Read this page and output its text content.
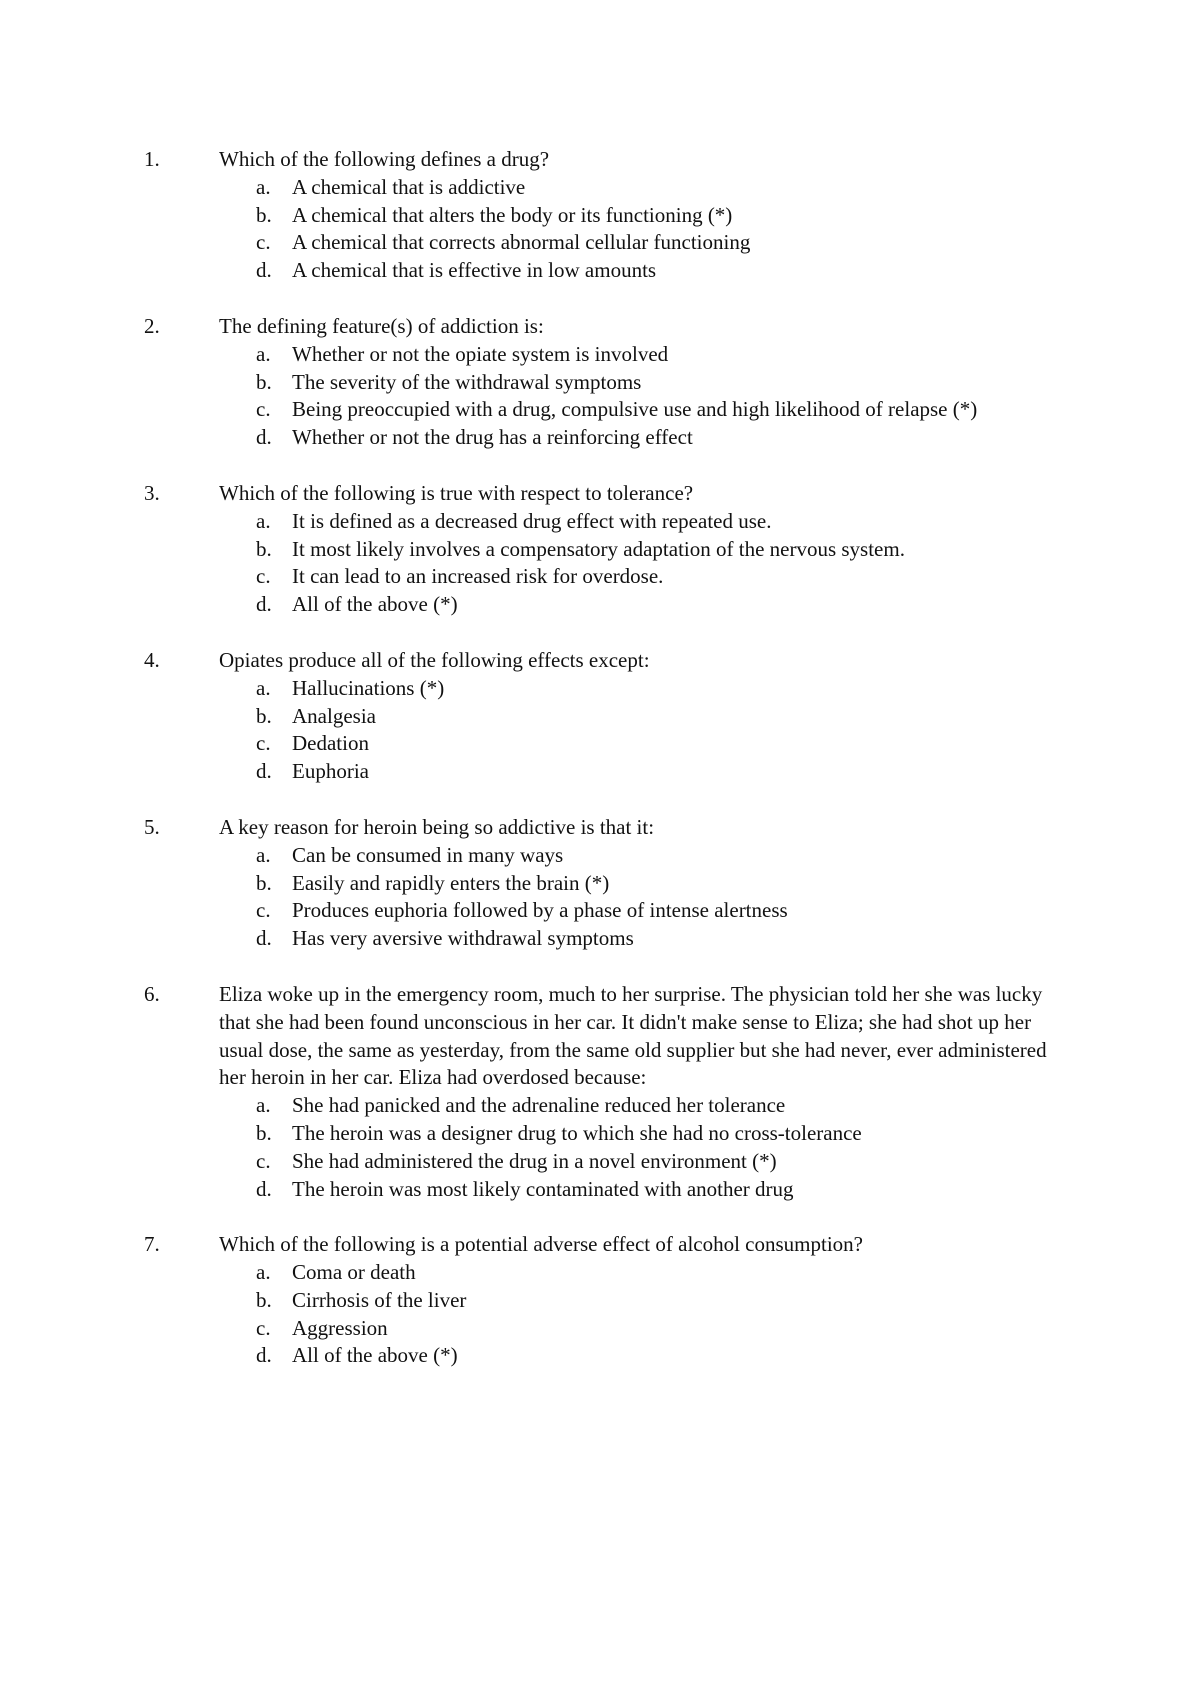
1.	Which of the following defines a drug?
a. A chemical that is addictive
b. A chemical that alters the body or its functioning (*)
c. A chemical that corrects abnormal cellular functioning
d. A chemical that is effective in low amounts
2.	The defining feature(s) of addiction is:
a. Whether or not the opiate system is involved
b. The severity of the withdrawal symptoms
c. Being preoccupied with a drug, compulsive use and high likelihood of relapse (*)
d. Whether or not the drug has a reinforcing effect
3.	Which of the following is true with respect to tolerance?
a. It is defined as a decreased drug effect with repeated use.
b. It most likely involves a compensatory adaptation of the nervous system.
c. It can lead to an increased risk for overdose.
d. All of the above (*)
4.	Opiates produce all of the following effects except:
a. Hallucinations (*)
b. Analgesia
c. Dedation
d. Euphoria
5.	A key reason for heroin being so addictive is that it:
a. Can be consumed in many ways
b. Easily and rapidly enters the brain (*)
c. Produces euphoria followed by a phase of intense alertness
d. Has very aversive withdrawal symptoms
6.	Eliza woke up in the emergency room, much to her surprise. The physician told her she was lucky that she had been found unconscious in her car. It didn't make sense to Eliza; she had shot up her usual dose, the same as yesterday, from the same old supplier but she had never, ever administered her heroin in her car. Eliza had overdosed because:
a. She had panicked and the adrenaline reduced her tolerance
b. The heroin was a designer drug to which she had no cross-tolerance
c. She had administered the drug in a novel environment (*)
d. The heroin was most likely contaminated with another drug
7.	Which of the following is a potential adverse effect of alcohol consumption?
a. Coma or death
b. Cirrhosis of the liver
c. Aggression
d. All of the above (*)
